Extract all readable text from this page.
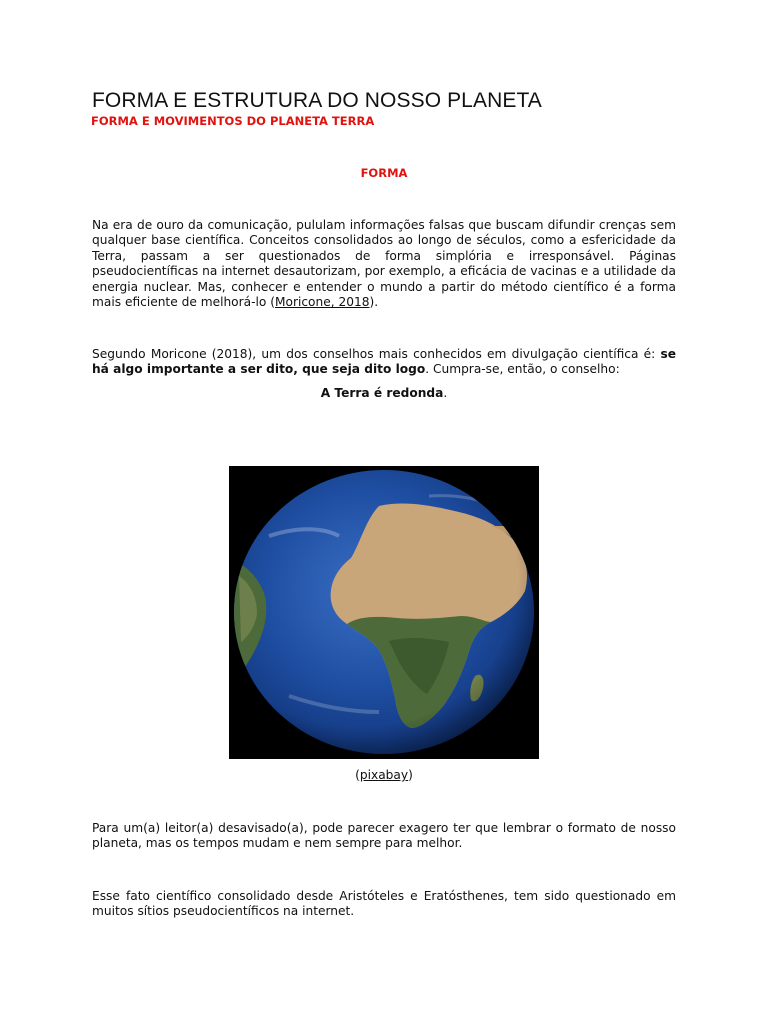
FORMA E ESTRUTURA DO NOSSO PLANETA
FORMA E MOVIMENTOS DO PLANETA TERRA
FORMA
Na era de ouro da comunicação, pululam informações falsas que buscam difundir crenças sem qualquer base científica. Conceitos consolidados ao longo de séculos, como a esfericidade da Terra, passam a ser questionados de forma simplória e irresponsável. Páginas pseudocientíficas na internet desautorizam, por exemplo, a eficácia de vacinas e a utilidade da energia nuclear. Mas, conhecer e entender o mundo a partir do método científico é a forma mais eficiente de melhorá-lo (Moricone, 2018).
Segundo Moricone (2018), um dos conselhos mais conhecidos em divulgação científica é: se há algo importante a ser dito, que seja dito logo. Cumpra-se, então, o conselho:
A Terra é redonda.
(pixabay)
Para um(a) leitor(a) desavisado(a), pode parecer exagero ter que lembrar o formato de nosso planeta, mas os tempos mudam e nem sempre para melhor.
Esse fato científico consolidado desde Aristóteles e Eratósthenes, tem sido questionado em muitos sítios pseudocientíficos na internet.
